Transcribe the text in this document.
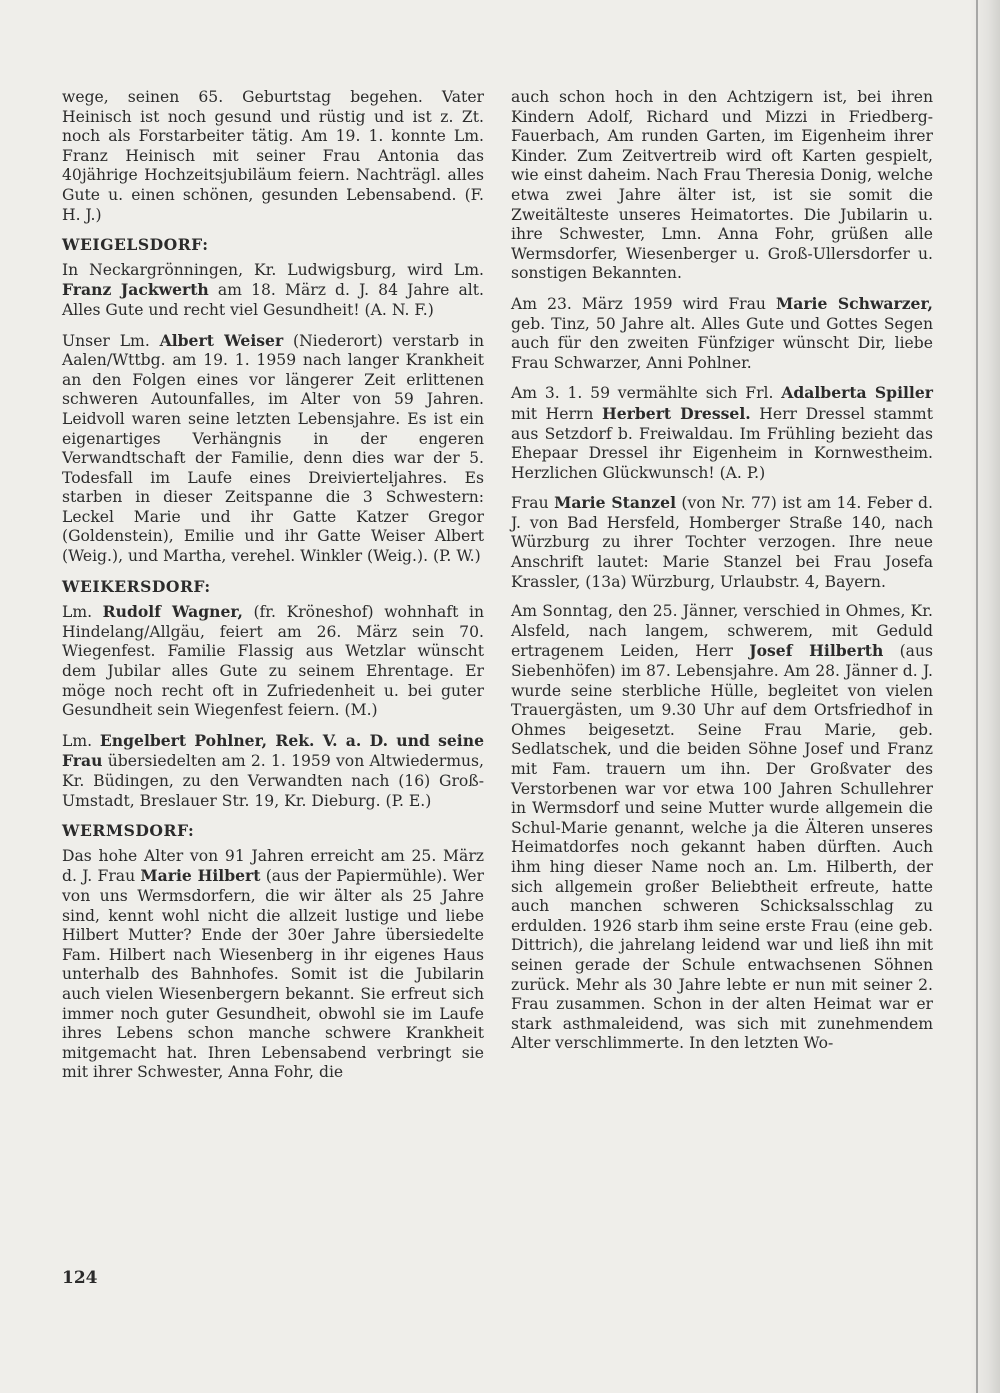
wege, seinen 65. Geburtstag begehen. Vater Heinisch ist noch gesund und rüstig und ist z. Zt. noch als Forstarbeiter tätig. Am 19. 1. konnte Lm. Franz Heinisch mit seiner Frau Antonia das 40jährige Hochzeitsjubiläum feiern. Nachträgl. alles Gute u. einen schönen, gesunden Lebensabend. (F. H. J.)

WEIGELSDORF:

In Neckargrönningen, Kr. Ludwigsburg, wird Lm. Franz Jackwerth am 18. März d. J. 84 Jahre alt. Alles Gute und recht viel Gesundheit! (A. N. F.)

Unser Lm. Albert Weiser (Niederort) verstarb in Aalen/Wttbg. am 19. 1. 1959 nach langer Krankheit an den Folgen eines vor längerer Zeit erlittenen schweren Autounfalles, im Alter von 59 Jahren. Leidvoll waren seine letzten Lebensjahre. Es ist ein eigenartiges Verhängnis in der engeren Verwandtschaft der Familie, denn dies war der 5. Todesfall im Laufe eines Dreivierteljahres. Es starben in dieser Zeitspanne die 3 Schwestern: Leckel Marie und ihr Gatte Katzer Gregor (Goldenstein), Emilie und ihr Gatte Weiser Albert (Weig.), und Martha, verehel. Winkler (Weig.). (P. W.)

WEIKERSDORF:

Lm. Rudolf Wagner, (fr. Kröneshof) wohnhaft in Hindelang/Allgäu, feiert am 26. März sein 70. Wiegenfest. Familie Flassig aus Wetzlar wünscht dem Jubilar alles Gute zu seinem Ehrentage. Er möge noch recht oft in Zufriedenheit u. bei guter Gesundheit sein Wiegenfest feiern. (M.)

Lm. Engelbert Pohlner, Rek. V. a. D. und seine Frau übersiedelten am 2. 1. 1959 von Altwiedermus, Kr. Büdingen, zu den Verwandten nach (16) Groß-Umstadt, Breslauer Str. 19, Kr. Dieburg. (P. E.)

WERMSDORF:

Das hohe Alter von 91 Jahren erreicht am 25. März d. J. Frau Marie Hilbert (aus der Papiermühle). Wer von uns Wermsdorfern, die wir älter als 25 Jahre sind, kennt wohl nicht die allzeit lustige und liebe Hilbert Mutter? Ende der 30er Jahre übersiedelte Fam. Hilbert nach Wiesenberg in ihr eigenes Haus unterhalb des Bahnhofes. Somit ist die Jubilarin auch vielen Wiesenbergern bekannt. Sie erfreut sich immer noch guter Gesundheit, obwohl sie im Laufe ihres Lebens schon manche schwere Krankheit mitgemacht hat. Ihren Lebensabend verbringt sie mit ihrer Schwester, Anna Fohr, die

auch schon hoch in den Achtzigern ist, bei ihren Kindern Adolf, Richard und Mizzi in Friedberg-Fauerbach, Am runden Garten, im Eigenheim ihrer Kinder. Zum Zeitvertreib wird oft Karten gespielt, wie einst daheim. Nach Frau Theresia Donig, welche etwa zwei Jahre älter ist, ist sie somit die Zweitälteste unseres Heimatortes. Die Jubilarin u. ihre Schwester, Lmn. Anna Fohr, grüßen alle Wermsdorfer, Wiesenberger u. Groß-Ullersdorfer u. sonstigen Bekannten.

Am 23. März 1959 wird Frau Marie Schwarzer, geb. Tinz, 50 Jahre alt. Alles Gute und Gottes Segen auch für den zweiten Fünfziger wünscht Dir, liebe Frau Schwarzer, Anni Pohlner.

Am 3. 1. 59 vermählte sich Frl. Adalberta Spiller mit Herrn Herbert Dressel. Herr Dressel stammt aus Setzdorf b. Freiwaldau. Im Frühling bezieht das Ehepaar Dressel ihr Eigenheim in Kornwestheim. Herzlichen Glückwunsch! (A. P.)

Frau Marie Stanzel (von Nr. 77) ist am 14. Feber d. J. von Bad Hersfeld, Homberger Straße 140, nach Würzburg zu ihrer Tochter verzogen. Ihre neue Anschrift lautet: Marie Stanzel bei Frau Josefa Krassler, (13a) Würzburg, Urlaubstr. 4, Bayern.

Am Sonntag, den 25. Jänner, verschied in Ohmes, Kr. Alsfeld, nach langem, schwerem, mit Geduld ertragenem Leiden, Herr Josef Hilberth (aus Siebenhöfen) im 87. Lebensjahre. Am 28. Jänner d. J. wurde seine sterbliche Hülle, begleitet von vielen Trauergästen, um 9.30 Uhr auf dem Ortsfriedhof in Ohmes beigesetzt. Seine Frau Marie, geb. Sedlatschek, und die beiden Söhne Josef und Franz mit Fam. trauern um ihn. Der Großvater des Verstorbenen war vor etwa 100 Jahren Schullehrer in Wermsdorf und seine Mutter wurde allgemein die Schul-Marie genannt, welche ja die Älteren unseres Heimatdorfes noch gekannt haben dürften. Auch ihm hing dieser Name noch an. Lm. Hilberth, der sich allgemein großer Beliebtheit erfreute, hatte auch manchen schweren Schicksalsschlag zu erdulden. 1926 starb ihm seine erste Frau (eine geb. Dittrich), die jahrelang leidend war und ließ ihn mit seinen gerade der Schule entwachsenen Söhnen zurück. Mehr als 30 Jahre lebte er nun mit seiner 2. Frau zusammen. Schon in der alten Heimat war er stark asthmaleidend, was sich mit zunehmendem Alter verschlimmerte. In den letzten Wo-

124
